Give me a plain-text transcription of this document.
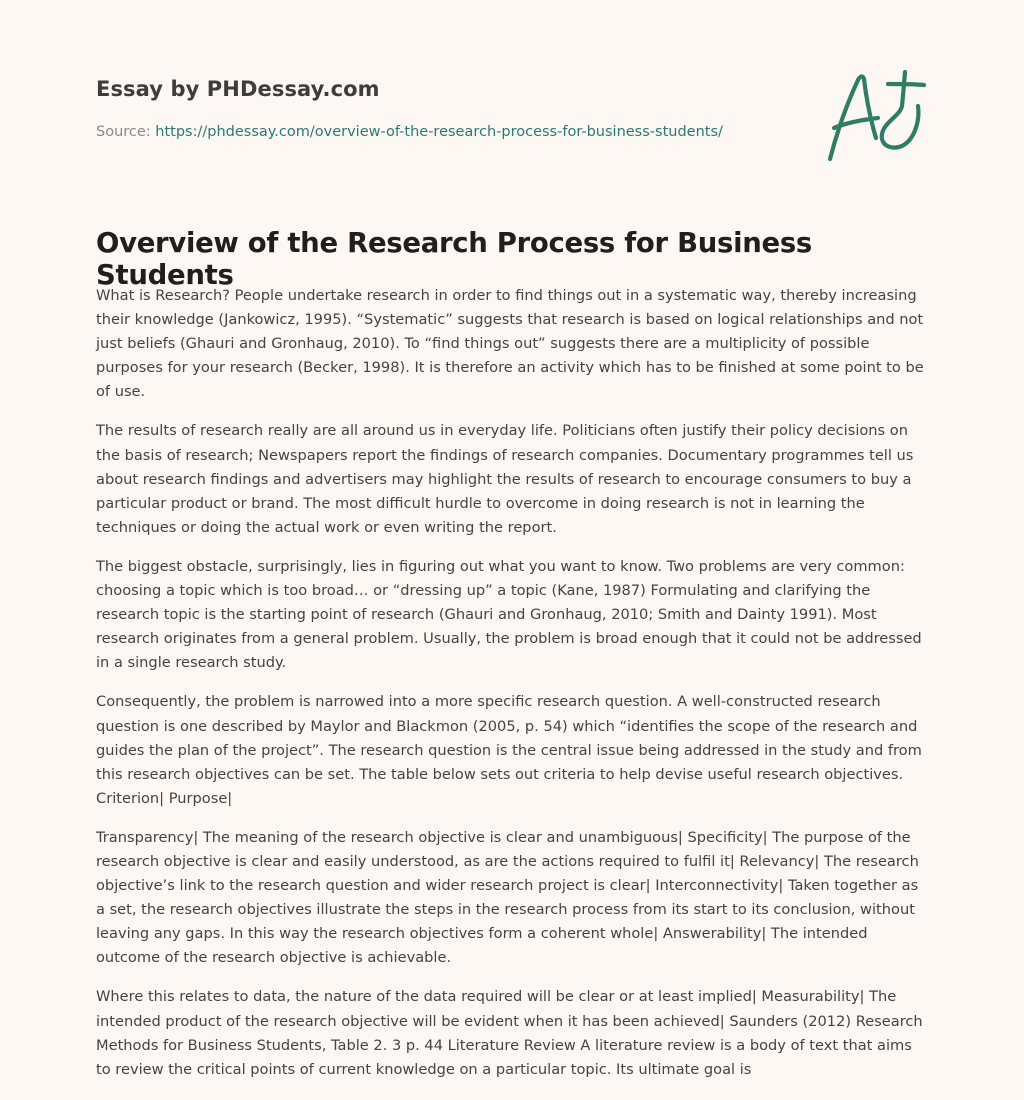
Essay by PHDessay.com
Source: https://phdessay.com/overview-of-the-research-process-for-business-students/
Overview of the Research Process for Business Students

What is Research? People undertake research in order to find things out in a systematic way, thereby increasing their knowledge (Jankowicz, 1995). “Systematic” suggests that research is based on logical relationships and not just beliefs (Ghauri and Gronhaug, 2010). To “find things out” suggests there are a multiplicity of possible purposes for your research (Becker, 1998). It is therefore an activity which has to be finished at some point to be of use.

The results of research really are all around us in everyday life. Politicians often justify their policy decisions on the basis of research; Newspapers report the findings of research companies. Documentary programmes tell us about research findings and advertisers may highlight the results of research to encourage consumers to buy a particular product or brand. The most difficult hurdle to overcome in doing research is not in learning the techniques or doing the actual work or even writing the report.

The biggest obstacle, surprisingly, lies in figuring out what you want to know. Two problems are very common: choosing a topic which is too broad… or “dressing up” a topic (Kane, 1987) Formulating and clarifying the research topic is the starting point of research (Ghauri and Gronhaug, 2010; Smith and Dainty 1991). Most research originates from a general problem. Usually, the problem is broad enough that it could not be addressed in a single research study.

Consequently, the problem is narrowed into a more specific research question. A well-constructed research question is one described by Maylor and Blackmon (2005, p. 54) which “identifies the scope of the research and guides the plan of the project”. The research question is the central issue being addressed in the study and from this research objectives can be set. The table below sets out criteria to help devise useful research objectives. Criterion| Purpose|

Transparency| The meaning of the research objective is clear and unambiguous| Specificity| The purpose of the research objective is clear and easily understood, as are the actions required to fulfil it| Relevancy| The research objective’s link to the research question and wider research project is clear| Interconnectivity| Taken together as a set, the research objectives illustrate the steps in the research process from its start to its conclusion, without leaving any gaps. In this way the research objectives form a coherent whole| Answerability| The intended outcome of the research objective is achievable.

Where this relates to data, the nature of the data required will be clear or at least implied| Measurability| The intended product of the research objective will be evident when it has been achieved| Saunders (2012) Research Methods for Business Students, Table 2. 3 p. 44 Literature Review A literature review is a body of text that aims to review the critical points of current knowledge on a particular topic. Its ultimate goal is
